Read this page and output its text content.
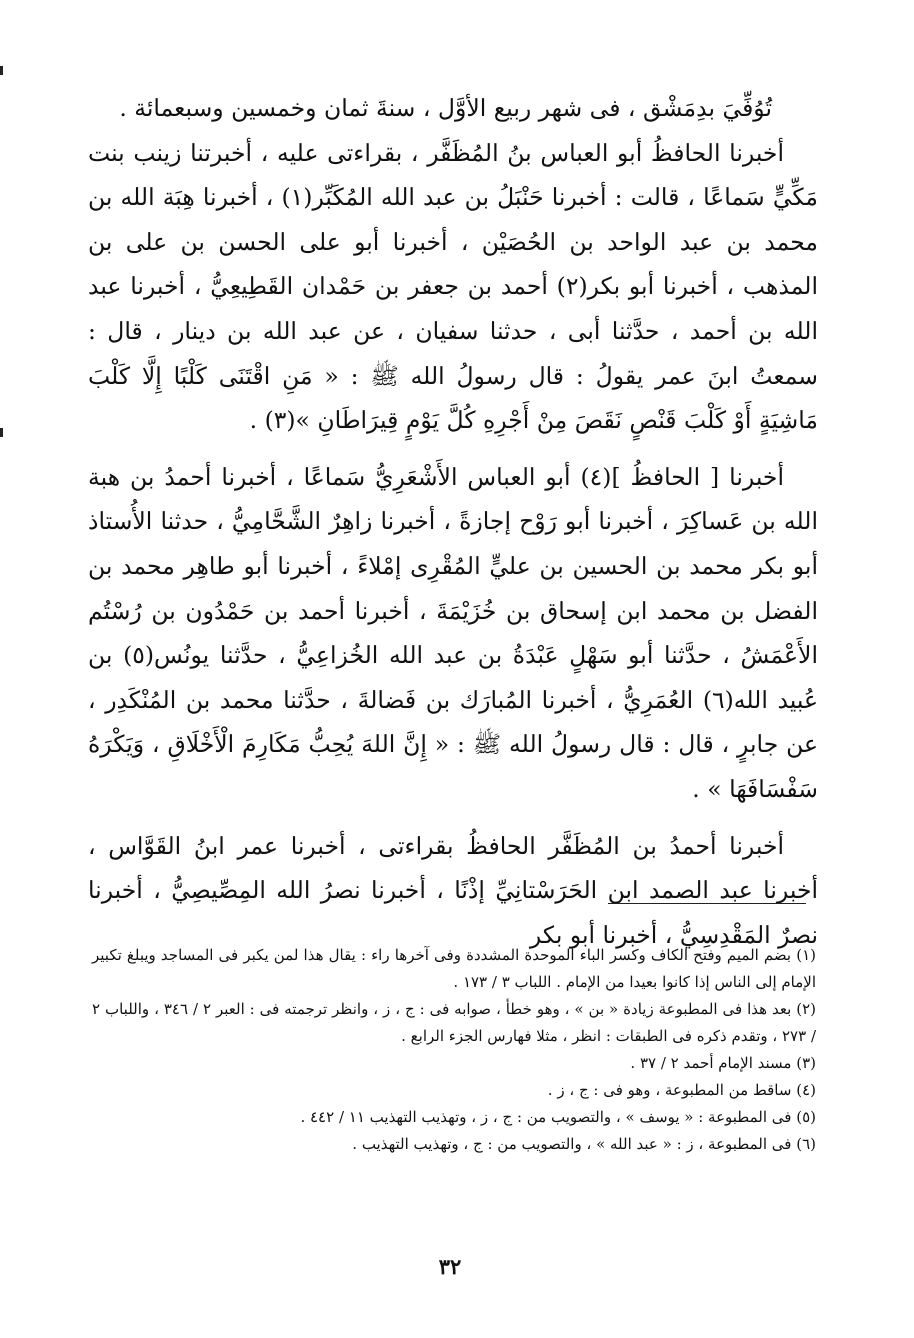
تُوُفِّيَ بدِمَشْق ، فى شهر ربيع الأوَّل ، سنةَ ثمان وخمسين وسبعمائة .

أخبرنا الحافظُ أبو العباس بنُ المُظَفَّر ، بقراءتى عليه ، أخبرتنا زينب بنت مَكِّيٍّ سَماعًا ، قالت : أخبرنا حَنْبَلُ بن عبد الله المُكَبِّر(١) ، أخبرنا هِبَة الله بن محمد بن عبد الواحد بن الحُصَيْن ، أخبرنا أبو على الحسن بن على بن المذهب ، أخبرنا أبو بكر(٢) أحمد بن جعفر بن حَمْدان القَطِيعِيُّ ، أخبرنا عبد الله بن أحمد ، حدَّثنا أبى ، حدثنا سفيان ، عن عبد الله بن دينار ، قال : سمعتُ ابنَ عمر يقولُ : قال رسولُ الله ﷺ : « مَنِ اقْتَنَى كَلْبًا إِلَّا كَلْبَ مَاشِيَةٍ أَوْ كَلْبَ قَنْصٍ نَقَصَ مِنْ أَجْرِهِ كُلَّ يَوْمٍ قِيرَاطَانِ »(٣) .

أخبرنا [ الحافظُ ](٤) أبو العباس الأَشْعَرِيُّ سَماعًا ، أخبرنا أحمدُ بن هبة الله بن عَساكِرَ ، أخبرنا أبو رَوْح إجازةً ، أخبرنا زاهِرٌ الشَّحَّامِيُّ ، حدثنا الأُستاذ أبو بكر محمد بن الحسين بن عليٍّ المُقْرِى إمْلاءً ، أخبرنا أبو طاهِر محمد بن الفضل بن محمد ابن إسحاق بن خُزَيْمَةَ ، أخبرنا أحمد بن حَمْدُون بن رُسْتُم الأَعْمَشُ ، حدَّثنا أبو سَهْلٍ عَبْدَةُ بن عبد الله الخُزاعِيُّ ، حدَّثنا يونُس(٥) بن عُبيد الله(٦) العُمَرِيُّ ، أخبرنا المُبارَك بن فَضالةَ ، حدَّثنا محمد بن المُنْكَدِر ، عن جابرٍ ، قال : قال رسولُ الله ﷺ : « إِنَّ اللهَ يُحِبُّ مَكَارِمَ الْأَخْلَاقِ ، وَيَكْرَهُ سَفْسَافَهَا » .

أخبرنا أحمدُ بن المُظَفَّر الحافظُ بقراءتى ، أخبرنا عمر ابنُ القَوَّاس ، أخبرنا عبد الصمد ابن الحَرَسْتانِيِّ إذْنًا ، أخبرنا نصرُ الله المِصِّيصِيُّ ، أخبرنا نصرٌ المَقْدِسِيُّ ، أخبرنا أبو بكر

(١) بضم الميم وفتح الكاف وكسر الباء الموحدة المشددة وفى آخرها راء : يقال هذا لمن يكبر فى المساجد ويبلغ تكبير الإمام إلى الناس إذا كانوا بعيدا من الإمام . اللباب ٣ / ١٧٣ .

(٢) بعد هذا فى المطبوعة زيادة « بن » ، وهو خطأ ، صوابه فى : ج ، ز ، وانظر ترجمته فى : العبر ٢ / ٣٤٦ ، واللباب ٢ / ٢٧٣ ، وتقدم ذكره فى الطبقات : انظر ، مثلا فهارس الجزء الرابع .

(٣) مسند الإمام أحمد ٢ / ٣٧ .

(٤) ساقط من المطبوعة ، وهو فى : ج ، ز .

(٥) فى المطبوعة : « يوسف » ، والتصويب من : ج ، ز ، وتهذيب التهذيب ١١ / ٤٤٢ .

(٦) فى المطبوعة ، ز : « عبد الله » ، والتصويب من : ج ، وتهذيب التهذيب .

٣٢
